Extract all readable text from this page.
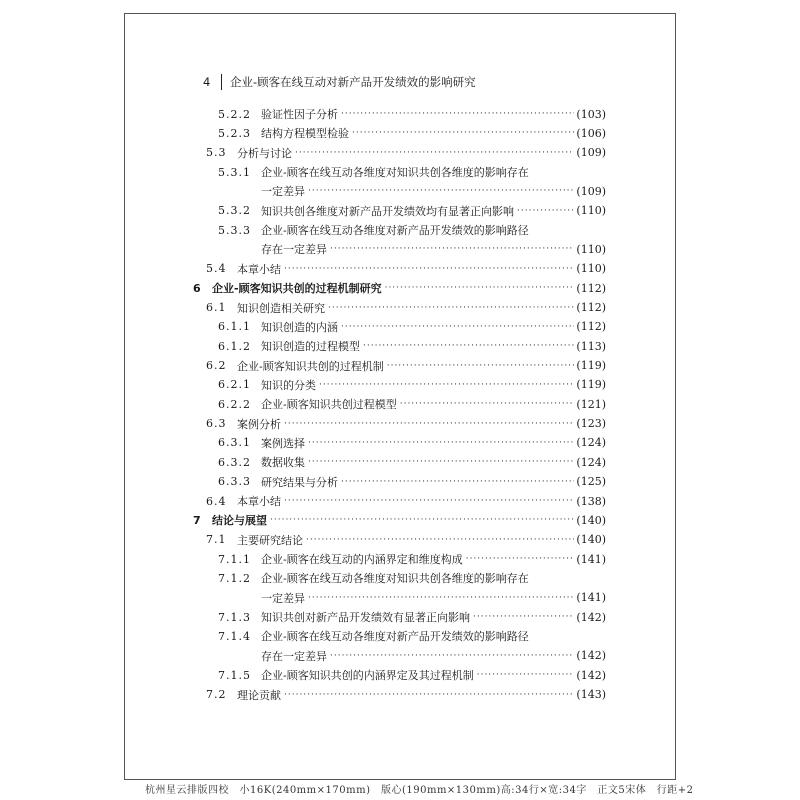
4	企业-顾客在线互动对新产品开发绩效的影响研究
5.2.2 验证性因子分析 ·····	(103)
5.2.3 结构方程模型检验 ·····	(106)
5.3 分析与讨论 ·····	(109)
5.3.1 企业-顾客在线互动各维度对知识共创各维度的影响存在
一定差异 ·····	(109)
5.3.2 知识共创各维度对新产品开发绩效均有显著正向影响 ·····	(110)
5.3.3 企业-顾客在线互动各维度对新产品开发绩效的影响路径
存在一定差异 ·····	(110)
5.4 本章小结 ·····	(110)
6 企业-顾客知识共创的过程机制研究 ·····	(112)
6.1 知识创造相关研究 ·····	(112)
6.1.1 知识创造的内涵 ·····	(112)
6.1.2 知识创造的过程模型 ·····	(113)
6.2 企业-顾客知识共创的过程机制 ·····	(119)
6.2.1 知识的分类 ·····	(119)
6.2.2 企业-顾客知识共创过程模型 ·····	(121)
6.3 案例分析 ·····	(123)
6.3.1 案例选择 ·····	(124)
6.3.2 数据收集 ·····	(124)
6.3.3 研究结果与分析 ·····	(125)
6.4 本章小结 ·····	(138)
7 结论与展望 ·····	(140)
7.1 主要研究结论 ·····	(140)
7.1.1 企业-顾客在线互动的内涵界定和维度构成 ·····	(141)
7.1.2 企业-顾客在线互动各维度对知识共创各维度的影响存在
一定差异 ·····	(141)
7.1.3 知识共创对新产品开发绩效有显著正向影响 ·····	(142)
7.1.4 企业-顾客在线互动各维度对新产品开发绩效的影响路径
存在一定差异 ·····	(142)
7.1.5 企业-顾客知识共创的内涵界定及其过程机制 ·····	(142)
7.2 理论贡献 ·····	(143)
杭州星云排版四校　小16K(240mm×170mm)　版心(190mm×130mm)高:34行×宽:34字　正文5宋体　行距+2
